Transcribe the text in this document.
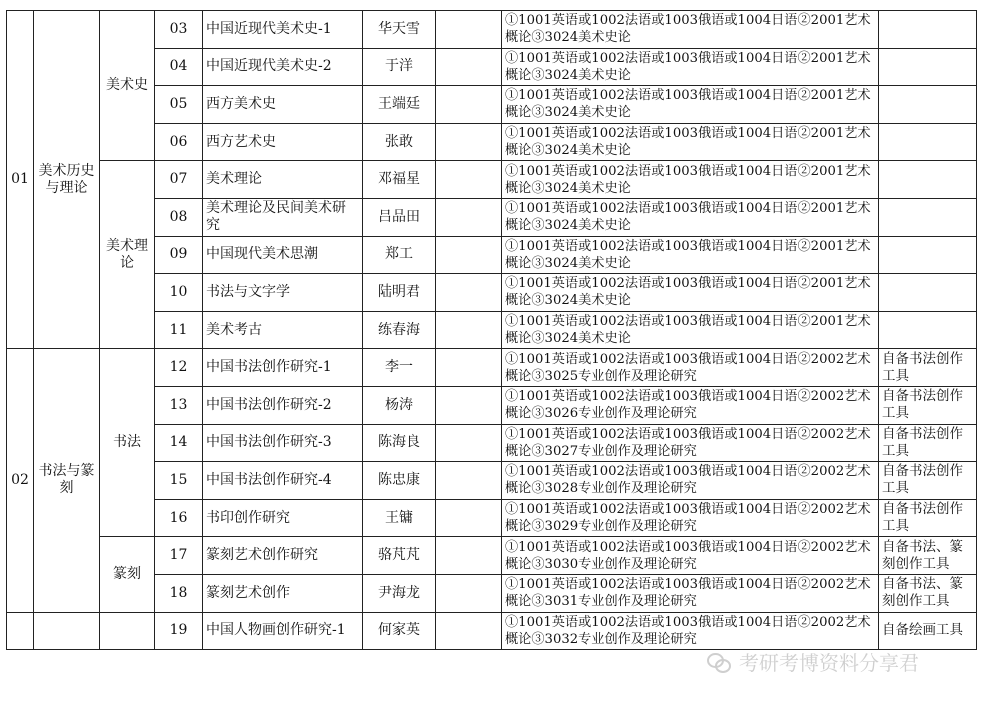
01	美术历史与理论	美术史	03	中国近现代美术史-1	华天雪		①1001英语或1002法语或1003俄语或1004日语②2001艺术概论③3024美术史论	
			04	中国近现代美术史-2	于洋		①1001英语或1002法语或1003俄语或1004日语②2001艺术概论③3024美术史论	
			05	西方美术史	王端廷		①1001英语或1002法语或1003俄语或1004日语②2001艺术概论③3024美术史论	
			06	西方艺术史	张敢		①1001英语或1002法语或1003俄语或1004日语②2001艺术概论③3024美术史论	
		美术理论	07	美术理论	邓福星		①1001英语或1002法语或1003俄语或1004日语②2001艺术概论③3024美术史论	
			08	美术理论及民间美术研究	吕品田		①1001英语或1002法语或1003俄语或1004日语②2001艺术概论③3024美术史论	
			09	中国现代美术思潮	郑工		①1001英语或1002法语或1003俄语或1004日语②2001艺术概论③3024美术史论	
			10	书法与文字学	陆明君		①1001英语或1002法语或1003俄语或1004日语②2001艺术概论③3024美术史论	
			11	美术考古	练春海		①1001英语或1002法语或1003俄语或1004日语②2001艺术概论③3024美术史论	
02	书法与篆刻	书法	12	中国书法创作研究-1	李一		①1001英语或1002法语或1003俄语或1004日语②2002艺术概论③3025专业创作及理论研究	自备书法创作工具
			13	中国书法创作研究-2	杨涛		①1001英语或1002法语或1003俄语或1004日语②2002艺术概论③3026专业创作及理论研究	自备书法创作工具
			14	中国书法创作研究-3	陈海良		①1001英语或1002法语或1003俄语或1004日语②2002艺术概论③3027专业创作及理论研究	自备书法创作工具
			15	中国书法创作研究-4	陈忠康		①1001英语或1002法语或1003俄语或1004日语②2002艺术概论③3028专业创作及理论研究	自备书法创作工具
			16	书印创作研究	王镛		①1001英语或1002法语或1003俄语或1004日语②2002艺术概论③3029专业创作及理论研究	自备书法创作工具
		篆刻	17	篆刻艺术创作研究	骆芃芃		①1001英语或1002法语或1003俄语或1004日语②2002艺术概论③3030专业创作及理论研究	自备书法、篆刻创作工具
			18	篆刻艺术创作	尹海龙		①1001英语或1002法语或1003俄语或1004日语②2002艺术概论③3031专业创作及理论研究	自备书法、篆刻创作工具
			19	中国人物画创作研究-1	何家英		①1001英语或1002法语或1003俄语或1004日语②2002艺术概论③3032专业创作及理论研究	自备绘画工具
考研考博资料分享君
